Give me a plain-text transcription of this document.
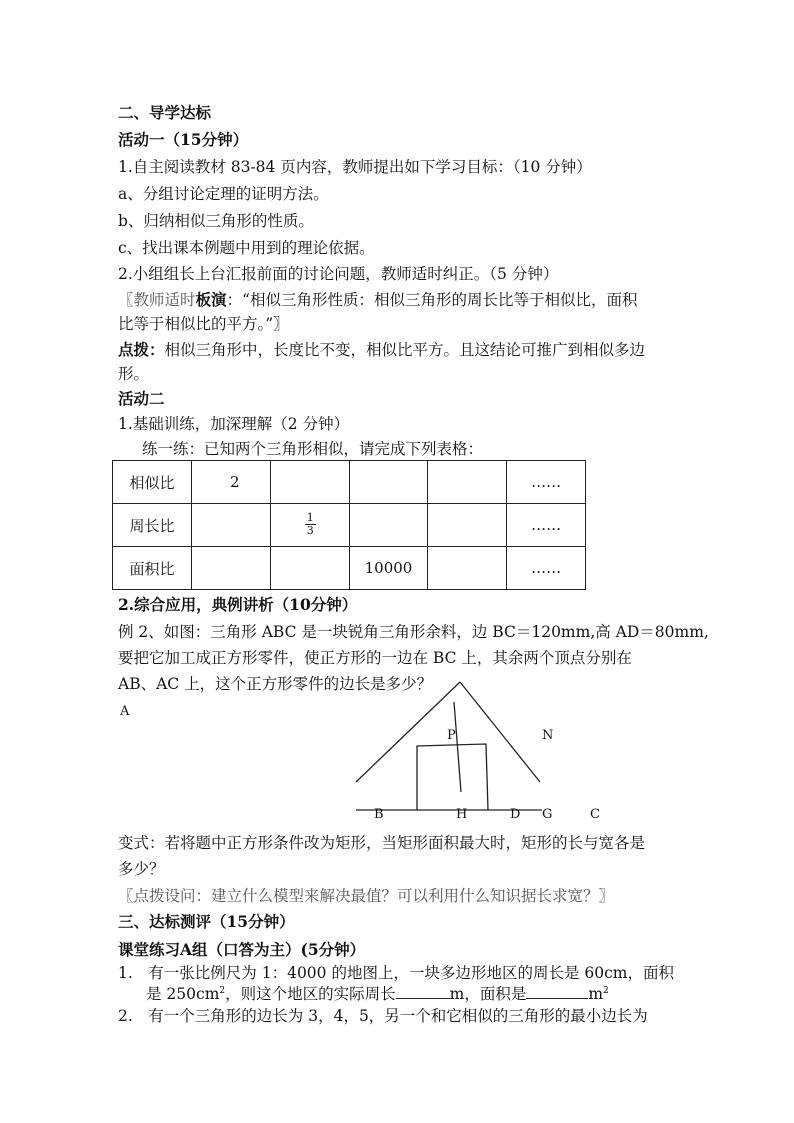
二、导学达标
活动一（15分钟）
1.自主阅读教材 83-84 页内容，教师提出如下学习目标：（10 分钟）
a、分组讨论定理的证明方法。
b、归纳相似三角形的性质。
c、找出课本例题中用到的理论依据。
2.小组组长上台汇报前面的讨论问题，教师适时纠正。（5 分钟）
〖教师适时板演：“相似三角形性质：相似三角形的周长比等于相似比，面积
比等于相似比的平方。”〗
点拨：相似三角形中，长度比不变，相似比平方。且这结论可推广到相似多边
形。
活动二
1.基础训练，加深理解（2 分钟）
练一练：已知两个三角形相似，请完成下列表格：
相似比	2				……
周长比		$\frac{1}{3}$			……
面积比			10000		……
2.综合应用，典例讲析（10分钟）
例 2、如图：三角形 ABC 是一块锐角三角形余料，边 BC＝120mm,高 AD＝80mm,
要把它加工成正方形零件，使正方形的一边在 BC 上，其余两个顶点分别在
AB、AC 上，这个正方形零件的边长是多少？
A
P	N
B	H	D G	C
变式：若将题中正方形条件改为矩形，当矩形面积最大时，矩形的长与宽各是
多少？
〖点拨设问：建立什么模型来解决最值？可以利用什么知识据长求宽？〗
三、达标测评（15分钟）
课堂练习A组（口答为主）(5分钟）
1.　有一张比例尺为 1：4000 的地图上，一块多边形地区的周长是 60cm，面积
是 $250cm^2$，则这个地区的实际周长	m，面积是	$m^2$
2.　有一个三角形的边长为 3，4，5，另一个和它相似的三角形的最小边长为
